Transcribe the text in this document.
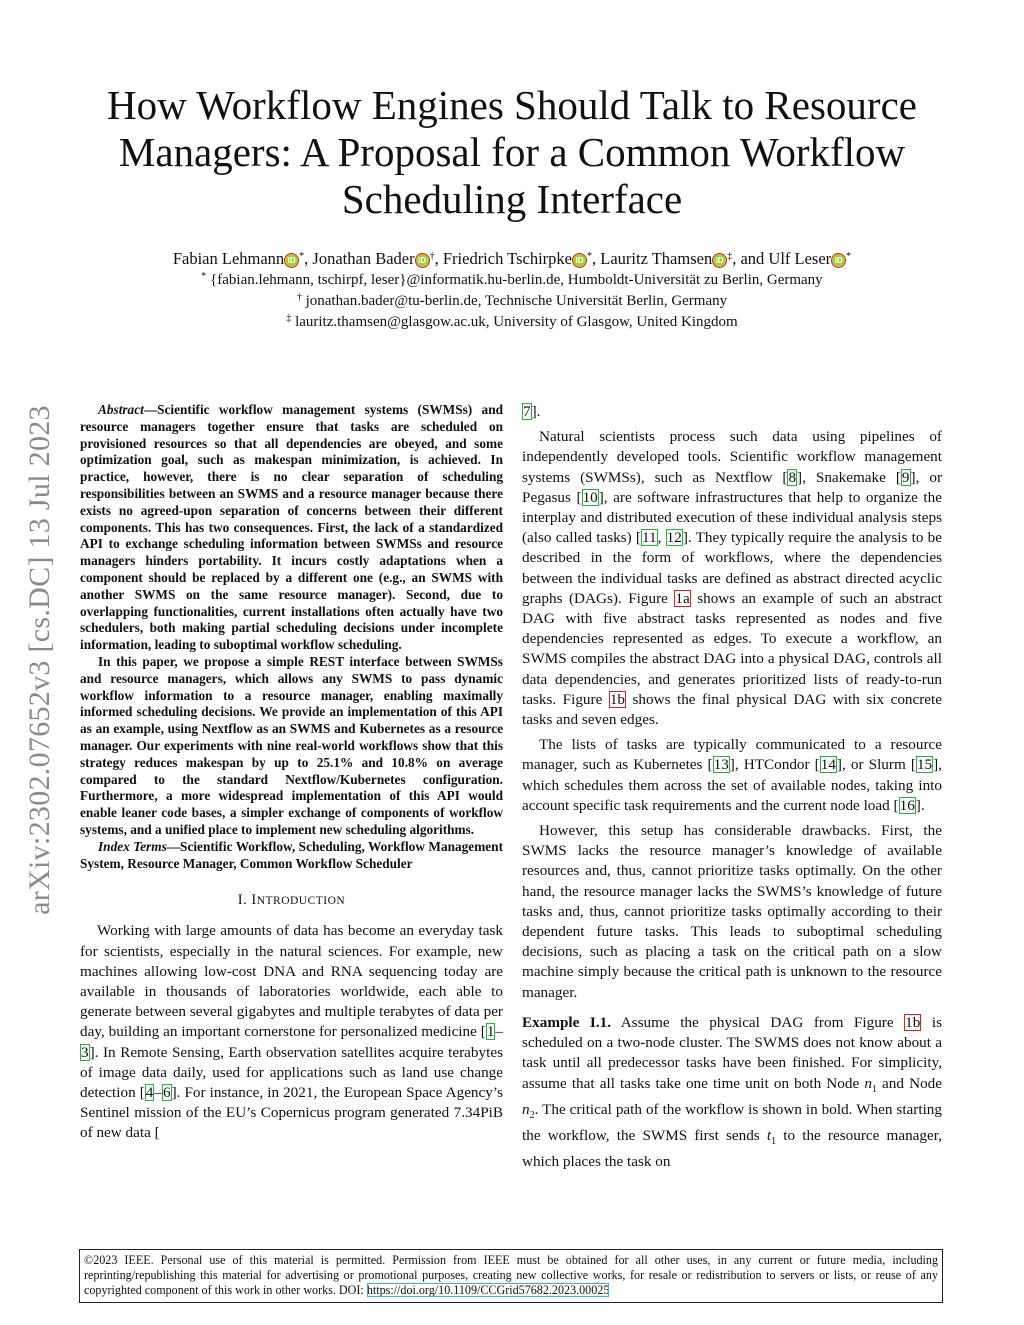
arXiv:2302.07652v3 [cs.DC] 13 Jul 2023
How Workflow Engines Should Talk to Resource
Managers: A Proposal for a Common Workflow
Scheduling Interface
Fabian Lehmann iD *, Jonathan Bader iD †, Friedrich Tschirpke iD *, Lauritz Thamsen iD ‡, and Ulf Leser iD *
* {fabian.lehmann, tschirpf, leser}@informatik.hu-berlin.de, Humboldt-Universität zu Berlin, Germany
† jonathan.bader@tu-berlin.de, Technische Universität Berlin, Germany
‡ lauritz.thamsen@glasgow.ac.uk, University of Glasgow, United Kingdom

Abstract—Scientific workflow management systems (SWMSs) and resource managers together ensure that tasks are scheduled on provisioned resources so that all dependencies are obeyed, and some optimization goal, such as makespan minimization, is achieved. In practice, however, there is no clear separation of scheduling responsibilities between an SWMS and a resource manager because there exists no agreed-upon separation of concerns between their different components. This has two consequences. First, the lack of a standardized API to exchange scheduling information between SWMSs and resource managers hinders portability. It incurs costly adaptations when a component should be replaced by a different one (e.g., an SWMS with another SWMS on the same resource manager). Second, due to overlapping functionalities, current installations often actually have two schedulers, both making partial scheduling decisions under incomplete information, leading to suboptimal workflow scheduling.

In this paper, we propose a simple REST interface between SWMSs and resource managers, which allows any SWMS to pass dynamic workflow information to a resource manager, enabling maximally informed scheduling decisions. We provide an implementation of this API as an example, using Nextflow as an SWMS and Kubernetes as a resource manager. Our experiments with nine real-world workflows show that this strategy reduces makespan by up to 25.1% and 10.8% on average compared to the standard Nextflow/Kubernetes configuration. Furthermore, a more widespread implementation of this API would enable leaner code bases, a simpler exchange of components of workflow systems, and a unified place to implement new scheduling algorithms.

Index Terms—Scientific Workflow, Scheduling, Workflow Management System, Resource Manager, Common Workflow Scheduler

I. INTRODUCTION

Working with large amounts of data has become an everyday task for scientists, especially in the natural sciences. For example, new machines allowing low-cost DNA and RNA sequencing today are available in thousands of laboratories worldwide, each able to generate between several gigabytes and multiple terabytes of data per day, building an important cornerstone for personalized medicine [1–3]. In Remote Sensing, Earth observation satellites acquire terabytes of image data daily, used for applications such as land use change detection [4–6]. For instance, in 2021, the European Space Agency’s Sentinel mission of the EU’s Copernicus program generated 7.34PiB of new data [

7].

Natural scientists process such data using pipelines of independently developed tools. Scientific workflow management systems (SWMSs), such as Nextflow [8], Snakemake [9], or Pegasus [10], are software infrastructures that help to organize the interplay and distributed execution of these individual analysis steps (also called tasks) [11, 12]. They typically require the analysis to be described in the form of workflows, where the dependencies between the individual tasks are defined as abstract directed acyclic graphs (DAGs). Figure 1a shows an example of such an abstract DAG with five abstract tasks represented as nodes and five dependencies represented as edges. To execute a workflow, an SWMS compiles the abstract DAG into a physical DAG, controls all data dependencies, and generates prioritized lists of ready-to-run tasks. Figure 1b shows the final physical DAG with six concrete tasks and seven edges.

The lists of tasks are typically communicated to a resource manager, such as Kubernetes [13], HTCondor [14], or Slurm [15], which schedules them across the set of available nodes, taking into account specific task requirements and the current node load [16].

However, this setup has considerable drawbacks. First, the SWMS lacks the resource manager’s knowledge of available resources and, thus, cannot prioritize tasks optimally. On the other hand, the resource manager lacks the SWMS’s knowledge of future tasks and, thus, cannot prioritize tasks optimally according to their dependent future tasks. This leads to suboptimal scheduling decisions, such as placing a task on the critical path on a slow machine simply because the critical path is unknown to the resource manager.

Example I.1. Assume the physical DAG from Figure 1b is scheduled on a two-node cluster. The SWMS does not know about a task until all predecessor tasks have been finished. For simplicity, assume that all tasks take one time unit on both Node $n_1$ and Node $n_2$. The critical path of the workflow is shown in bold. When starting the workflow, the SWMS first sends $t_1$ to the resource manager, which places the task on

©2023 IEEE. Personal use of this material is permitted. Permission from IEEE must be obtained for all other uses, in any current or future media, including reprinting/republishing this material for advertising or promotional purposes, creating new collective works, for resale or redistribution to servers or lists, or reuse of any copyrighted component of this work in other works. DOI: https://doi.org/10.1109/CCGrid57682.2023.00025
